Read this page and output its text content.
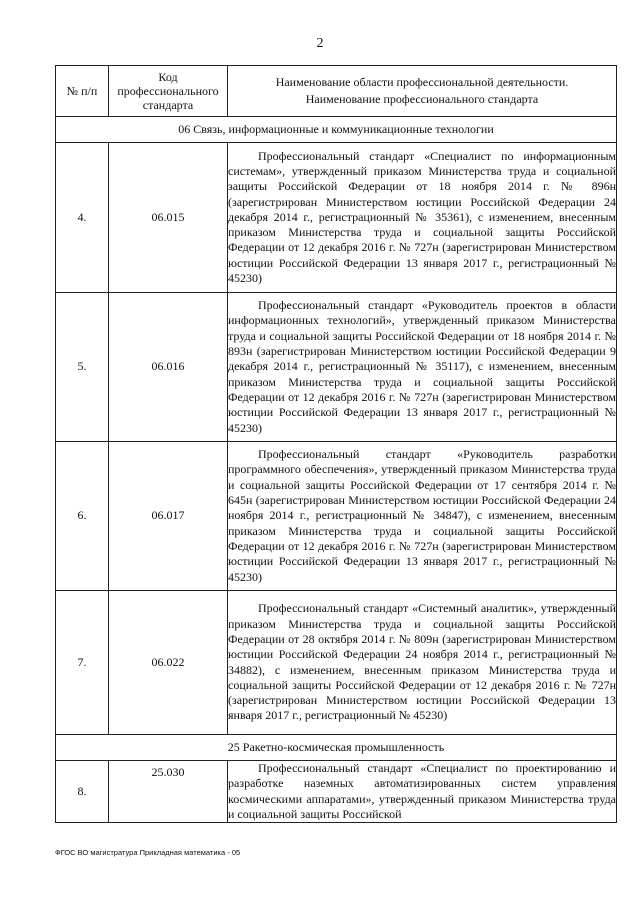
2
№ п/п	Код профессионального стандарта	Наименование области профессиональной деятельности.
Наименование профессионального стандарта

06 Связь, информационные и коммуникационные технологии		
4.	06.015	Профессиональный стандарт «Специалист по информационным системам», утвержденный приказом Министерства труда и социальной защиты Российской Федерации от 18 ноября 2014 г. № 896н (зарегистрирован Министерством юстиции Российской Федерации 24 декабря 2014 г., регистрационный № 35361), с изменением, внесенным приказом Министерства труда и социальной защиты Российской Федерации от 12 декабря 2016 г. № 727н (зарегистрирован Министерством юстиции Российской Федерации 13 января 2017 г., регистрационный № 45230)

5.	06.016	Профессиональный стандарт «Руководитель проектов в области информационных технологий», утвержденный приказом Министерства труда и социальной защиты Российской Федерации от 18 ноября 2014 г. № 893н (зарегистрирован Министерством юстиции Российской Федерации 9 декабря 2014 г., регистрационный № 35117), с изменением, внесенным приказом Министерства труда и социальной защиты Российской Федерации от 12 декабря 2016 г. № 727н (зарегистрирован Министерством юстиции Российской Федерации 13 января 2017 г., регистрационный № 45230)

6.	06.017	Профессиональный стандарт «Руководитель разработки программного обеспечения», утвержденный приказом Министерства труда и социальной защиты Российской Федерации от 17 сентября 2014 г. № 645н (зарегистрирован Министерством юстиции Российской Федерации 24 ноября 2014 г., регистрационный № 34847), с изменением, внесенным приказом Министерства труда и социальной защиты Российской Федерации от 12 декабря 2016 г. № 727н (зарегистрирован Министерством юстиции Российской Федерации 13 января 2017 г., регистрационный № 45230)

7.	06.022	Профессиональный стандарт «Системный аналитик», утвержденный приказом Министерства труда и социальной защиты Российской Федерации от 28 октября 2014 г. № 809н (зарегистрирован Министерством юстиции Российской Федерации 24 ноября 2014 г., регистрационный № 34882), с изменением, внесенным приказом Министерства труда и социальной защиты Российской Федерации от 12 декабря 2016 г. № 727н (зарегистрирован Министерством юстиции Российской Федерации 13 января 2017 г., регистрационный № 45230)

25 Ракетно-космическая промышленность		
8.	25.030	Профессиональный стандарт «Специалист по проектированию и разработке наземных автоматизированных систем управления космическими аппаратами», утвержденный приказом Министерства труда и социальной защиты Российской

ФГОС ВО магистратура Прикладная математика - 05
